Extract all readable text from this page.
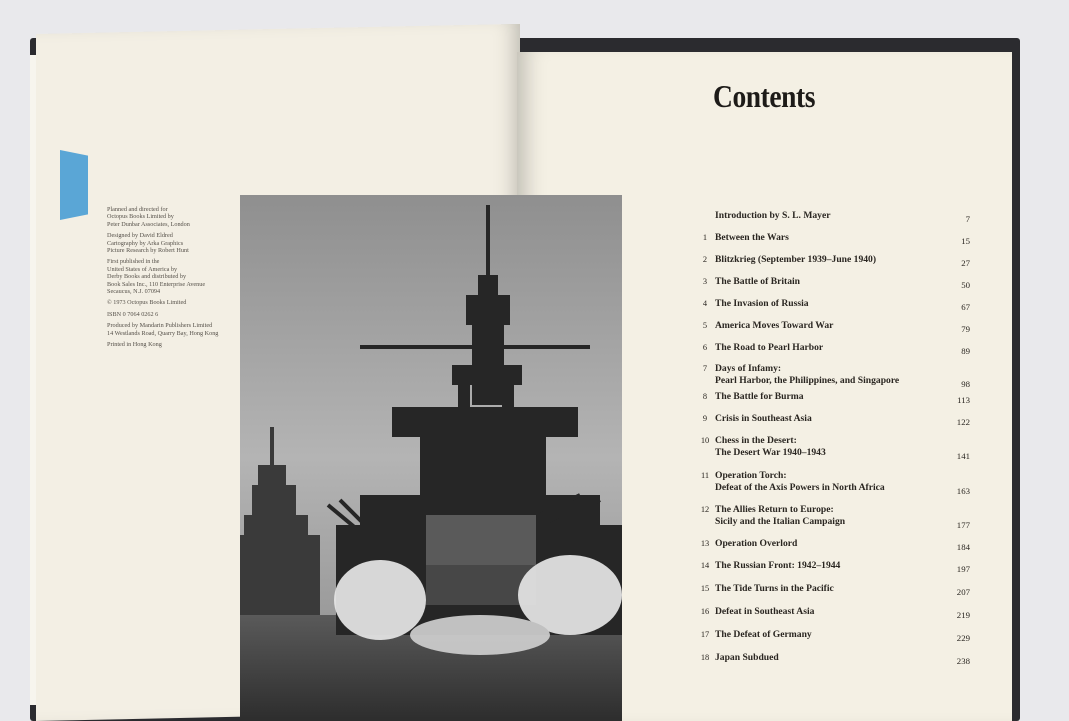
Planned and directed for
Octopus Books Limited by
Peter Dunbar Associates, London
Designed by David Eldred
Cartography by Arka Graphics
Picture Research by Robert Hunt
First published in the
United States of America by
Derby Books and distributed by
Book Sales Inc., 110 Enterprise Avenue
Secaucus, N.J. 07094
© 1973 Octopus Books Limited
ISBN 0 7064 0262 6
Produced by Mandarin Publishers Limited
14 Westlands Road, Quarry Bay, Hong Kong
Printed in Hong Kong
Contents
Introduction by S. L. Mayer	7
1 Between the Wars	15
2 Blitzkrieg (September 1939–June 1940)	27
3 The Battle of Britain	50
4 The Invasion of Russia	67
5 America Moves Toward War	79
6 The Road to Pearl Harbor	89
7 Days of Infamy:
Pearl Harbor, the Philippines, and Singapore	98
8 The Battle for Burma	113
9 Crisis in Southeast Asia	122
10 Chess in the Desert:
The Desert War 1940–1943	141
11 Operation Torch:
Defeat of the Axis Powers in North Africa	163
12 The Allies Return to Europe:
Sicily and the Italian Campaign	177
13 Operation Overlord	184
14 The Russian Front: 1942–1944	197
15 The Tide Turns in the Pacific	207
16 Defeat in Southeast Asia	219
17 The Defeat of Germany	229
18 Japan Subdued	238
